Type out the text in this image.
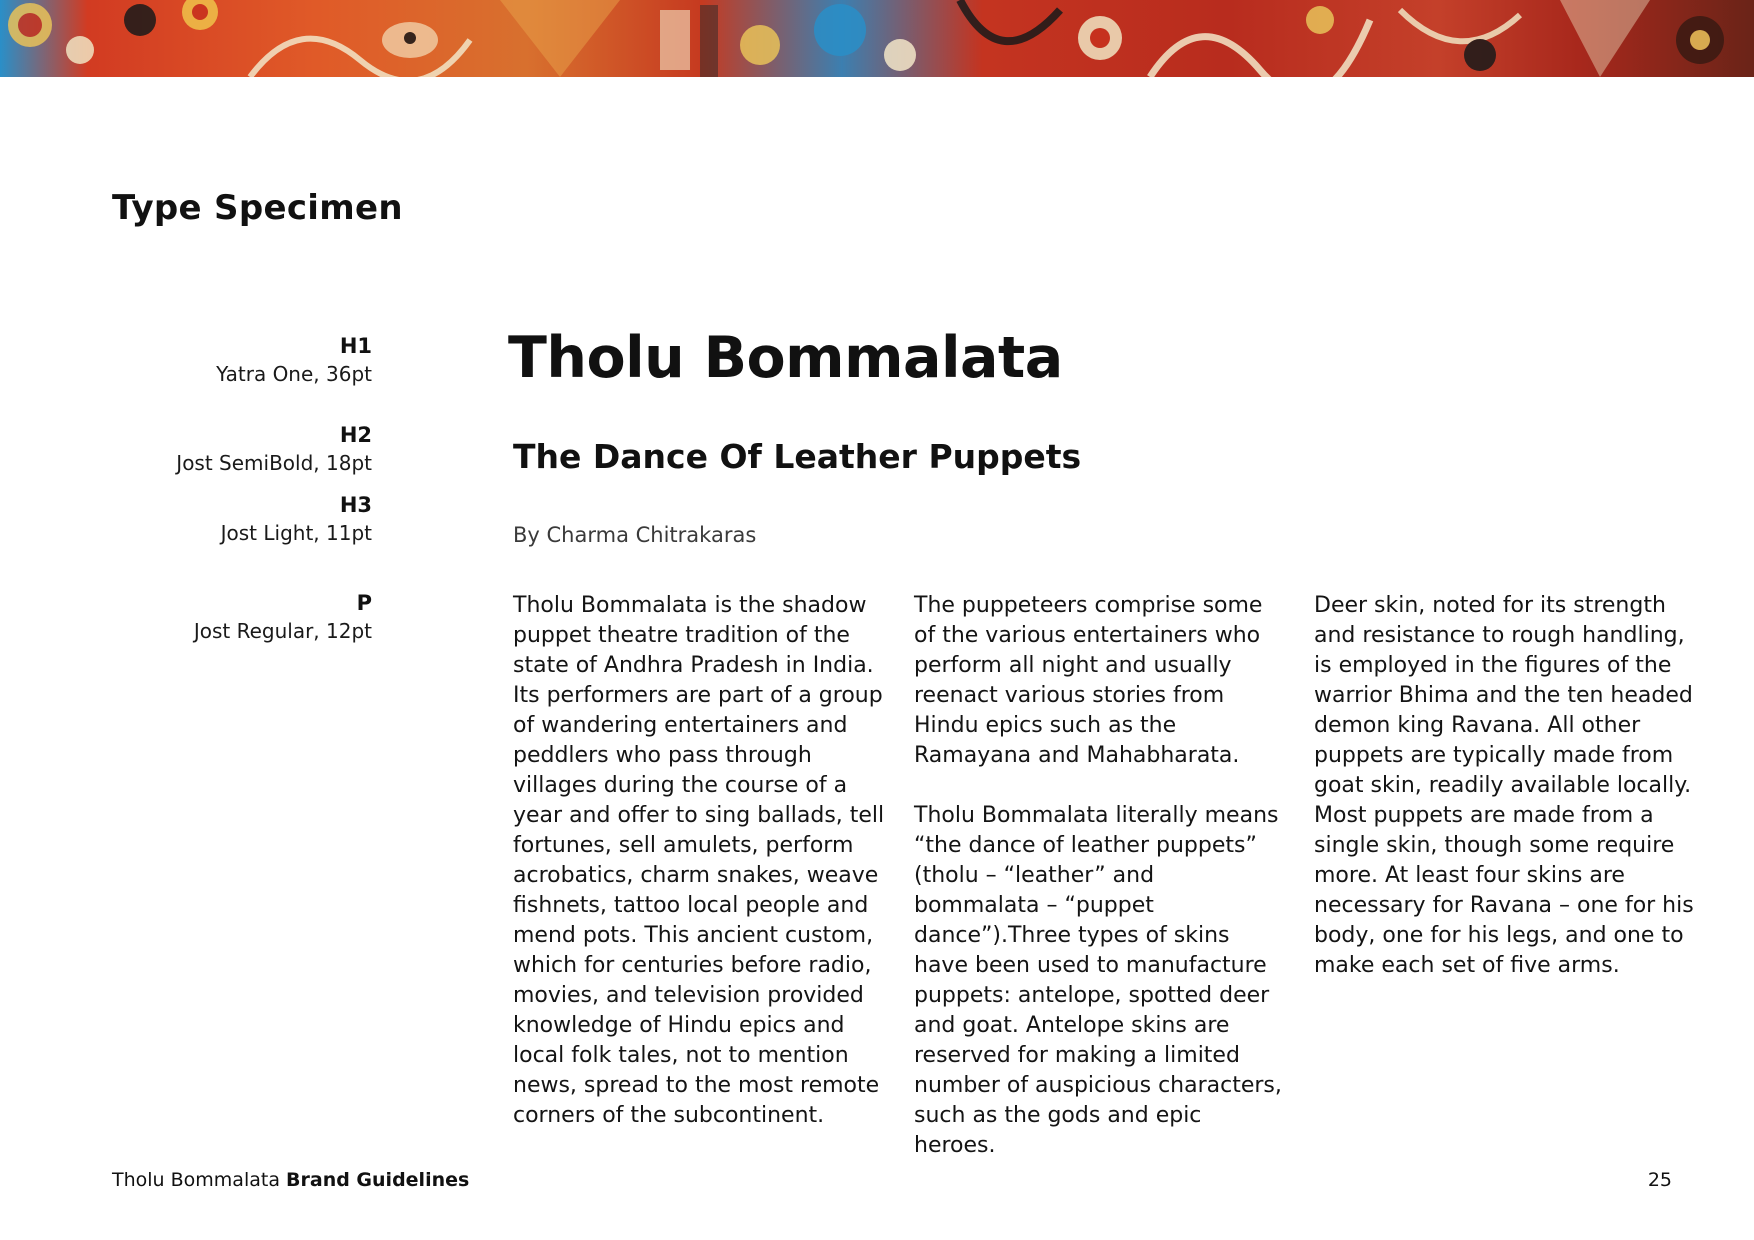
Type Specimen
H1
Yatra One, 36pt
H2
Jost SemiBold, 18pt
H3
Jost Light, 11pt
P
Jost Regular, 12pt
Tholu Bommalata
The Dance Of Leather Puppets

By Charma Chitrakaras

Tholu Bommalata is the shadow puppet theatre tradition of the state of Andhra Pradesh in India. Its performers are part of a group of wandering entertainers and peddlers who pass through villages during the course of a year and offer to sing ballads, tell fortunes, sell amulets, perform acrobatics, charm snakes, weave fishnets, tattoo local people and mend pots. This ancient custom, which for centuries before radio, movies, and television provided knowledge of Hindu epics and local folk tales, not to mention news, spread to the most remote corners of the subcontinent.

The puppeteers comprise some of the various entertainers who perform all night and usually reenact various stories from Hindu epics such as the Ramayana and Mahabharata.

Tholu Bommalata literally means “the dance of leather puppets” (tholu – “leather” and bommalata – “puppet dance”).Three types of skins have been used to manufacture puppets: antelope, spotted deer and goat. Antelope skins are reserved for making a limited number of auspicious characters, such as the gods and epic heroes.

Deer skin, noted for its strength and resistance to rough handling, is employed in the figures of the warrior Bhima and the ten headed demon king Ravana. All other puppets are typically made from goat skin, readily available locally. Most puppets are made from a single skin, though some require more. At least four skins are necessary for Ravana – one for his body, one for his legs, and one to make each set of five arms.

Tholu Bommalata Brand Guidelines	25
